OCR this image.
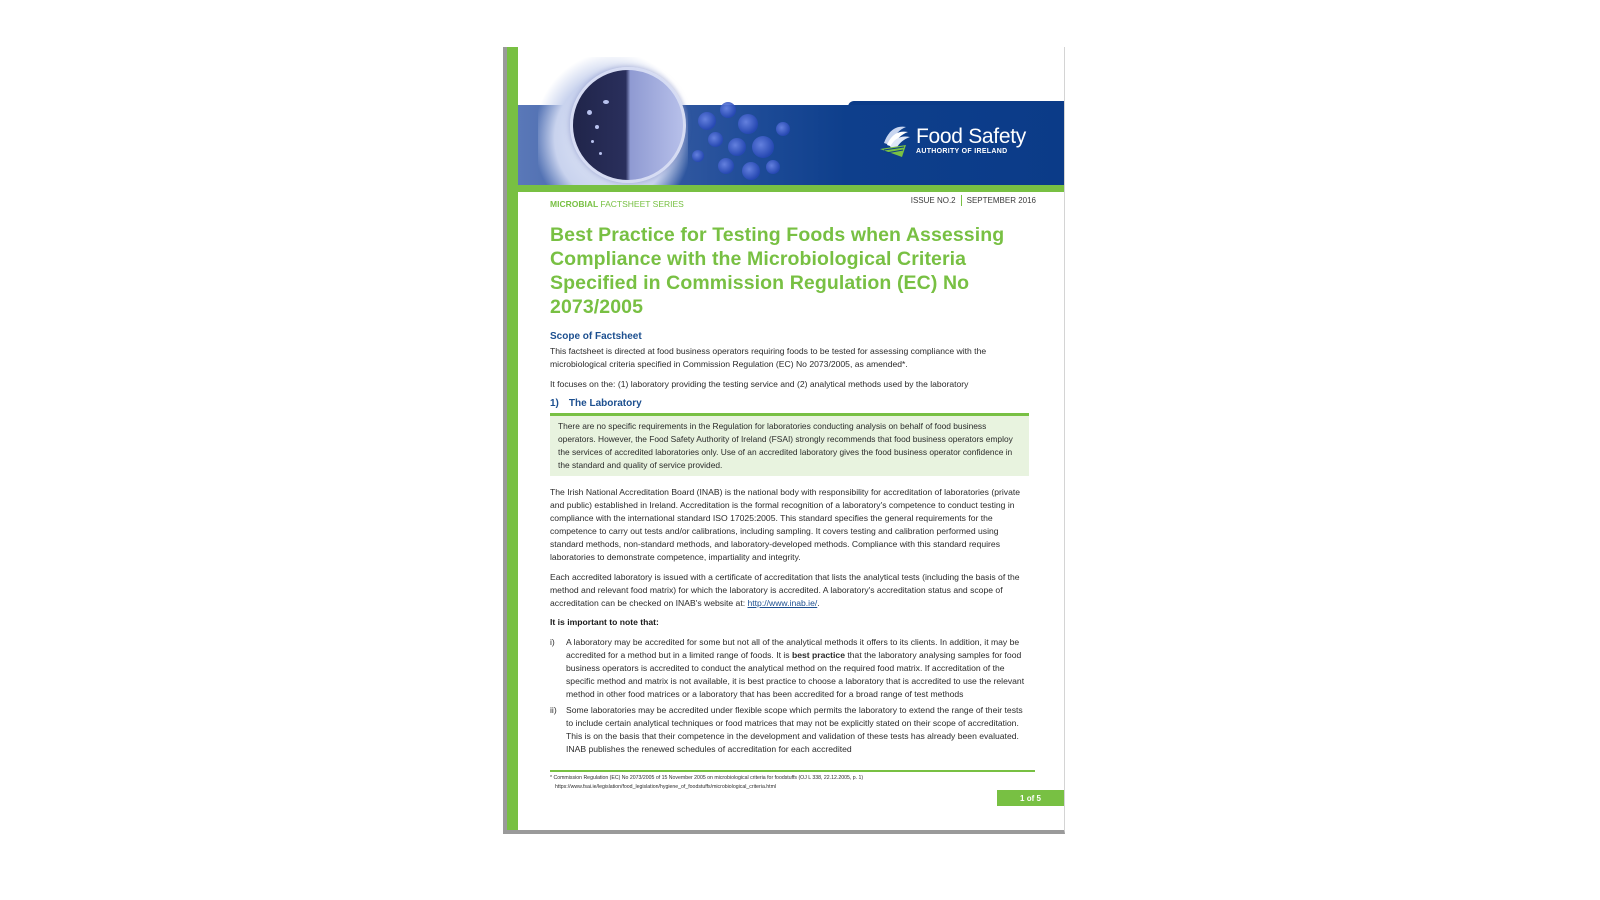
Food Safety
AUTHORITY OF IRELAND
MICROBIAL FACTSHEET SERIES	ISSUE NO.2 SEPTEMBER 2016
Best Practice for Testing Foods when Assessing Compliance with the Microbiological Criteria Specified in Commission Regulation (EC) No 2073/2005
Scope of Factsheet

This factsheet is directed at food business operators requiring foods to be tested for assessing compliance with the microbiological criteria specified in Commission Regulation (EC) No 2073/2005, as amended*.

It focuses on the: (1) laboratory providing the testing service and (2) analytical methods used by the laboratory

1) The Laboratory

There are no specific requirements in the Regulation for laboratories conducting analysis on behalf of food business operators. However, the Food Safety Authority of Ireland (FSAI) strongly recommends that food business operators employ the services of accredited laboratories only. Use of an accredited laboratory gives the food business operator confidence in the standard and quality of service provided.

The Irish National Accreditation Board (INAB) is the national body with responsibility for accreditation of laboratories (private and public) established in Ireland. Accreditation is the formal recognition of a laboratory's competence to conduct testing in compliance with the international standard ISO 17025:2005. This standard specifies the general requirements for the competence to carry out tests and/or calibrations, including sampling. It covers testing and calibration performed using standard methods, non-standard methods, and laboratory-developed methods. Compliance with this standard requires laboratories to demonstrate competence, impartiality and integrity.

Each accredited laboratory is issued with a certificate of accreditation that lists the analytical tests (including the basis of the method and relevant food matrix) for which the laboratory is accredited. A laboratory's accreditation status and scope of accreditation can be checked on INAB's website at: http://www.inab.ie/.

It is important to note that:
i) A laboratory may be accredited for some but not all of the analytical methods it offers to its clients. In addition, it may be accredited for a method but in a limited range of foods. It is best practice that the laboratory analysing samples for food business operators is accredited to conduct the analytical method on the required food matrix. If accreditation of the specific method and matrix is not available, it is best practice to choose a laboratory that is accredited to use the relevant method in other food matrices or a laboratory that has been accredited for a broad range of test methods
ii) Some laboratories may be accredited under flexible scope which permits the laboratory to extend the range of their tests to include certain analytical techniques or food matrices that may not be explicitly stated on their scope of accreditation. This is on the basis that their competence in the development and validation of these tests has already been evaluated. INAB publishes the renewed schedules of accreditation for each accredited
* Commission Regulation (EC) No 2073/2005 of 15 November 2005 on microbiological criteria for foodstuffs (OJ L 338, 22.12.2005, p. 1)
https://www.fsai.ie/legislation/food_legislation/hygiene_of_foodstuffs/microbiological_criteria.html
1 of 5
